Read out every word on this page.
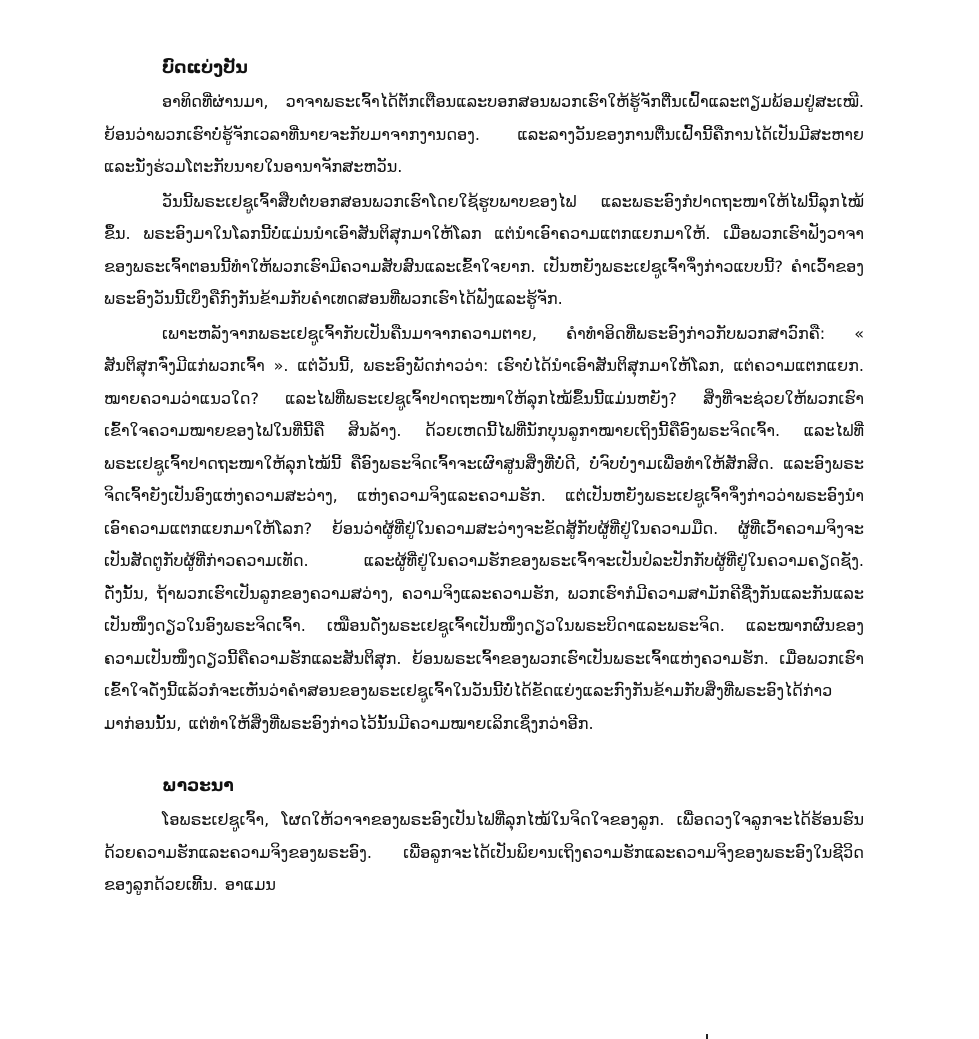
ບົດແບ່ງປັນ

ອາທິດທີ່ຜ່ານມາ, ວາຈາພຣະເຈົ້າໄດ້ຕັກເຕືອນແລະບອກສອນພວກເຮົາໃຫ້ຮູ້ຈັກຕື່ນເຝົ້າແລະຕຽມພ້ອມຢູ່ສະເໝີ. ຍ້ອນວ່າພວກເຮົາບໍ່ຮູ້ຈັກເວລາທີ່ນາຍຈະກັບມາຈາກງານດອງ. ແລະລາງວັນຂອງການຕື່ນເຝົ້ານີ້ຄືການໄດ້ເປັນມີສະຫາຍແລະນັ່ງຮ່ວມໂຕະກັບນາຍໃນອານາຈັກສະຫວັນ.

ວັນນີ້ພຣະເຢຊູເຈົ້າສືບຕໍ່ບອກສອນພວກເຮົາໂດຍໃຊ້ຮູບພາບຂອງໄຟ ແລະພຣະອົງກໍປາດຖະໜາໃຫ້ໄຟນີ້ລຸກໄໝ້ຂຶ້ນ. ພຣະອົງມາໃນໂລກນີ້ບໍ່ແມ່ນນຳເອົາສັນຕິສຸກມາໃຫ້ໂລກ ແຕ່ນຳເອົາຄວາມແຕກແຍກມາໃຫ້. ເມື່ອພວກເຮົາຟັງວາຈາຂອງພຣະເຈົ້າຕອນນີ້ທຳໃຫ້ພວກເຮົາມີຄວາມສັບສົນແລະເຂົ້າໃຈຍາກ. ເປັນຫຍັງພຣະເຢຊູເຈົ້າຈຶ່ງກ່າວແບບນີ້? ຄຳເວົ້າຂອງພຣະອົງວັນນີ້ເບິ່ງຄືກົງກັນຂ້າມກັບຄຳເທດສອນທີ່ພວກເຮົາໄດ້ຟັງແລະຮູ້ຈັກ.

ເພາະຫລັງຈາກພຣະເຢຊູເຈົ້າກັບເປັນຄືນມາຈາກຄວາມຕາຍ, ຄຳທຳອິດທີ່ພຣະອົງກ່າວກັບພວກສາວົກຄື: « ສັນຕິສຸກຈົ່ງມີແກ່ພວກເຈົ້າ ». ແຕ່ວັນນີ້, ພຣະອົງພັດກ່າວວ່າ: ເຮົາບໍ່ໄດ້ນຳເອົາສັນຕິສຸກມາໃຫ້ໂລກ, ແຕ່ຄວາມແຕກແຍກ. ໝາຍຄວາມວ່າແນວໃດ? ແລະໄຟທີ່ພຣະເຢຊູເຈົ້າປາດຖະໜາໃຫ້ລຸກໄໝ້ຂຶ້ນນີ້ແມ່ນຫຍັງ? ສິ່ງທີ່ຈະຊ່ວຍໃຫ້ພວກເຮົາເຂົ້າໃຈຄວາມໝາຍຂອງໄຟໃນທີ່ນີ້ຄື ສິນລ້າງ. ດ້ວຍເຫດນີ້ໄຟທີ່ນັກບຸນລູກາໝາຍເຖິງນີ້ຄືອົງພຣະຈິດເຈົ້າ. ແລະໄຟທີ່ພຣະເຢຊູເຈົ້າປາດຖະໜາໃຫ້ລຸກໄໝ້ນີ້ ຄືອົງພຣະຈິດເຈົ້າຈະເຜົາສູນສິ່ງທີ່ບໍ່ດີ, ບໍ່ຈົບບໍ່ງາມເພື່ອທຳໃຫ້ສັກສິດ. ແລະອົງພຣະຈິດເຈົ້າຍັງເປັນອົງແຫ່ງຄວາມສະວ່າງ, ແຫ່ງຄວາມຈິງແລະຄວາມຮັກ. ແຕ່ເປັນຫຍັງພຣະເຢຊູເຈົ້າຈຶ່ງກ່າວວ່າພຣະອົງນຳເອົາຄວາມແຕກແຍກມາໃຫ້ໂລກ? ຍ້ອນວ່າຜູ້ທີ່ຢູ່ໃນຄວາມສະວ່າງຈະຂັດສູ້ກັບຜູ້ທີ່ຢູ່ໃນຄວາມມືດ. ຜູ້ທີ່ເວົ້າຄວາມຈິງຈະເປັນສັດຕູກັບຜູ້ທີ່ກ່າວຄວາມເທັດ. ແລະຜູ້ທີ່ຢູ່ໃນຄວາມຮັກຂອງພຣະເຈົ້າຈະເປັນປໍລະປັກກັບຜູ້ທີ່ຢູ່ໃນຄວາມຄຽດຊັງ. ດັ່ງນັ້ນ, ຖ້າພວກເຮົາເປັນລູກຂອງຄວາມສວ່າງ, ຄວາມຈິງແລະຄວາມຮັກ, ພວກເຮົາກໍມີຄວາມສາມັກຄີຊື່ງກັນແລະກັນແລະເປັນໜຶ່ງດຽວໃນອົງພຣະຈິດເຈົ້າ. ເໝືອນດັ່ງພຣະເຢຊູເຈົ້າເປັນໜຶ່ງດຽວໃນພຣະບິດາແລະພຣະຈິດ. ແລະໝາກຜົນຂອງຄວາມເປັນໜຶ່ງດຽວນີ້ຄືຄວາມຮັກແລະສັນຕິສຸກ. ຍ້ອນພຣະເຈົ້າຂອງພວກເຮົາເປັນພຣະເຈົ້າແຫ່ງຄວາມຮັກ. ເມື່ອພວກເຮົາເຂົ້າໃຈດັ່ງນີ້ແລ້ວກໍຈະເຫັນວ່າຄຳສອນຂອງພຣະເຢຊູເຈົ້າໃນວັນນີ້ບໍ່ໄດ້ຂັດແຍ່ງແລະກົງກັນຂ້າມກັບສິ່ງທີ່ພຣະອົງໄດ້ກ່າວມາກ່ອນນັ້ນ, ແຕ່ທຳໃຫ້ສິ່ງທີ່ພຣະອົງກ່າວໄວ້ນັ້ນມີຄວາມໝາຍເລິກເຊິ່ງກວ່າອີກ.

ພາວະນາ

ໂອພຣະເຢຊູເຈົ້າ, ໂຜດໃຫ້ວາຈາຂອງພຣະອົງເປັນໄຟທີ່ລຸກໄໝ້ໃນຈິດໃຈຂອງລູກ. ເພື່ອດວງໃຈລູກຈະໄດ້ຮ້ອນຮົນດ້ວຍຄວາມຮັກແລະຄວາມຈິງຂອງພຣະອົງ. ເພື່ອລູກຈະໄດ້ເປັນພິຍານເຖິງຄວາມຮັກແລະຄວາມຈິງຂອງພຣະອົງໃນຊີວິດຂອງລູກດ້ວຍເທີ້ນ. ອາແມນ
